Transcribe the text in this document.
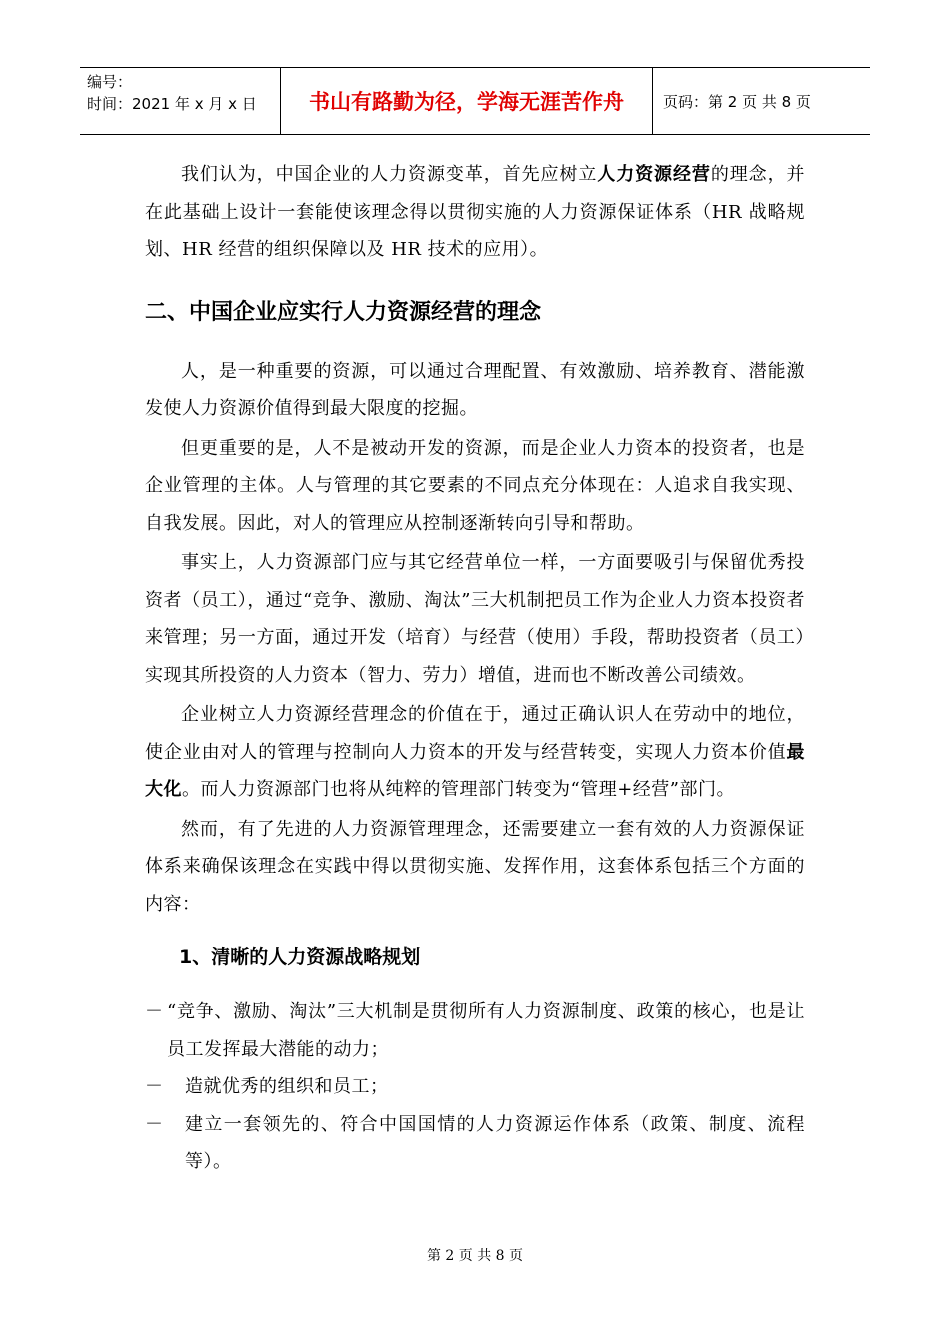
编号：
时间：2021 年 x 月 x 日	书山有路勤为径，学海无涯苦作舟	页码：第 2 页 共 8 页

我们认为，中国企业的人力资源变革，首先应树立人力资源经营的理念，并在此基础上设计一套能使该理念得以贯彻实施的人力资源保证体系（HR 战略规划、HR 经营的组织保障以及 HR 技术的应用）。

二、中国企业应实行人力资源经营的理念

人，是一种重要的资源，可以通过合理配置、有效激励、培养教育、潜能激发使人力资源价值得到最大限度的挖掘。

但更重要的是，人不是被动开发的资源，而是企业人力资本的投资者，也是企业管理的主体。人与管理的其它要素的不同点充分体现在：人追求自我实现、自我发展。因此，对人的管理应从控制逐渐转向引导和帮助。

事实上，人力资源部门应与其它经营单位一样，一方面要吸引与保留优秀投资者（员工），通过“竞争、激励、淘汰”三大机制把员工作为企业人力资本投资者来管理；另一方面，通过开发（培育）与经营（使用）手段，帮助投资者（员工）实现其所投资的人力资本（智力、劳力）增值，进而也不断改善公司绩效。

企业树立人力资源经营理念的价值在于，通过正确认识人在劳动中的地位，使企业由对人的管理与控制向人力资本的开发与经营转变，实现人力资本价值最大化。而人力资源部门也将从纯粹的管理部门转变为“管理+经营”部门。

然而，有了先进的人力资源管理理念，还需要建立一套有效的人力资源保证体系来确保该理念在实践中得以贯彻实施、发挥作用，这套体系包括三个方面的内容：

1、清晰的人力资源战略规划
－ “竞争、激励、淘汰”三大机制是贯彻所有人力资源制度、政策的核心，也是让员工发挥最大潜能的动力；
－	造就优秀的组织和员工；
－	建立一套领先的、符合中国国情的人力资源运作体系（政策、制度、流程等）。
第 2 页 共 8 页
